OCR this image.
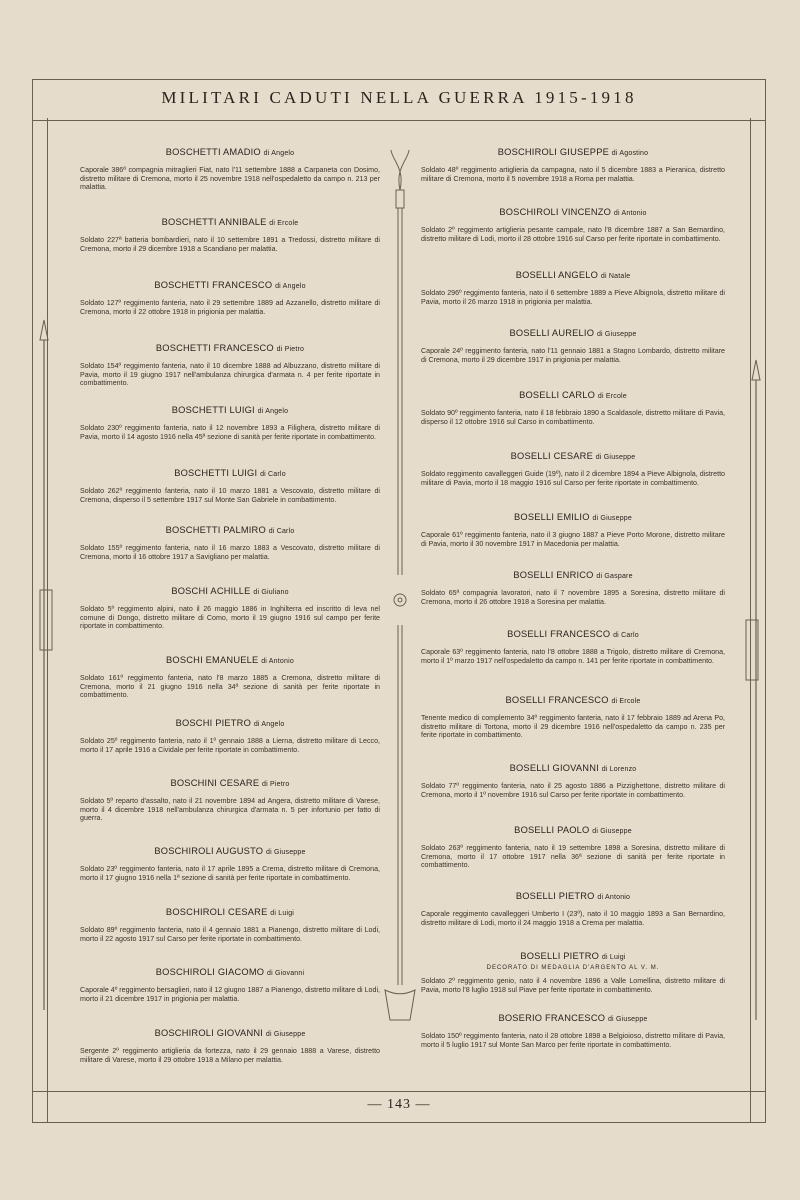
MILITARI CADUTI NELLA GUERRA 1915-1918
— 143 —
BOSCHETTI AMADIO di Angelo
Caporale 386ª compagnia mitraglieri Fiat, nato l'11 settembre 1888 a Carpaneta con Dosimo, distretto militare di Cremona, morto il 25 novembre 1918 nell'ospedaletto da campo n. 213 per malattia.
BOSCHETTI ANNIBALE di Ercole
Soldato 227ª batteria bombardieri, nato il 10 settembre 1891 a Tredossi, distretto militare di Cremona, morto il 29 dicembre 1918 a Scandiano per malattia.
BOSCHETTI FRANCESCO di Angelo
Soldato 127º reggimento fanteria, nato il 29 settembre 1889 ad Azzanello, distretto militare di Cremona, morto il 22 ottobre 1918 in prigionia per malattia.
BOSCHETTI FRANCESCO di Pietro
Soldato 154º reggimento fanteria, nato il 10 dicembre 1888 ad Albuzzano, distretto militare di Pavia, morto il 19 giugno 1917 nell'ambulanza chirurgica d'armata n. 4 per ferite riportate in combattimento.
BOSCHETTI LUIGI di Angelo
Soldato 230º reggimento fanteria, nato il 12 novembre 1893 a Filighera, distretto militare di Pavia, morto il 14 agosto 1916 nella 45ª sezione di sanità per ferite riportate in combattimento.
BOSCHETTI LUIGI di Carlo
Soldato 262º reggimento fanteria, nato il 10 marzo 1881 a Vescovato, distretto militare di Cremona, disperso il 5 settembre 1917 sul Monte San Gabriele in combattimento.
BOSCHETTI PALMIRO di Carlo
Soldato 155º reggimento fanteria, nato il 16 marzo 1883 a Vescovato, distretto militare di Cremona, morto il 16 ottobre 1917 a Savigliano per malattia.
BOSCHI ACHILLE di Giuliano
Soldato 5º reggimento alpini, nato il 26 maggio 1886 in Inghilterra ed inscritto di leva nel comune di Dongo, distretto militare di Como, morto il 19 giugno 1916 sul campo per ferite riportate in combattimento.
BOSCHI EMANUELE di Antonio
Soldato 161º reggimento fanteria, nato l'8 marzo 1885 a Cremona, distretto militare di Cremona, morto il 21 giugno 1916 nella 34ª sezione di sanità per ferite riportate in combattimento.
BOSCHI PIETRO di Angelo
Soldato 25º reggimento fanteria, nato il 1º gennaio 1888 a Lierna, distretto militare di Lecco, morto il 17 aprile 1916 a Cividale per ferite riportate in combattimento.
BOSCHINI CESARE di Pietro
Soldato 5º reparto d'assalto, nato il 21 novembre 1894 ad Angera, distretto militare di Varese, morto il 4 dicembre 1918 nell'ambulanza chirurgica d'armata n. 5 per infortunio per fatto di guerra.
BOSCHIROLI AUGUSTO di Giuseppe
Soldato 23º reggimento fanteria, nato il 17 aprile 1895 a Crema, distretto militare di Cremona, morto il 17 giugno 1916 nella 1ª sezione di sanità per ferite riportate in combattimento.
BOSCHIROLI CESARE di Luigi
Soldato 89º reggimento fanteria, nato il 4 gennaio 1881 a Pianengo, distretto militare di Lodi, morto il 22 agosto 1917 sul Carso per ferite riportate in combattimento.
BOSCHIROLI GIACOMO di Giovanni
Caporale 4º reggimento bersaglieri, nato il 12 giugno 1887 a Pianengo, distretto militare di Lodi, morto il 21 dicembre 1917 in prigionia per malattia.
BOSCHIROLI GIOVANNI di Giuseppe
Sergente 2º reggimento artiglieria da fortezza, nato il 29 gennaio 1888 a Varese, distretto militare di Varese, morto il 29 ottobre 1918 a Milano per malattia.
BOSCHIROLI GIUSEPPE di Agostino
Soldato 48º reggimento artiglieria da campagna, nato il 5 dicembre 1883 a Pieranica, distretto militare di Cremona, morto il 5 novembre 1918 a Roma per malattia.
BOSCHIROLI VINCENZO di Antonio
Soldato 2º reggimento artiglieria pesante campale, nato l'8 dicembre 1887 a San Bernardino, distretto militare di Lodi, morto il 28 ottobre 1916 sul Carso per ferite riportate in combattimento.
BOSELLI ANGELO di Natale
Soldato 296º reggimento fanteria, nato il 6 settembre 1889 a Pieve Albignola, distretto militare di Pavia, morto il 26 marzo 1918 in prigionia per malattia.
BOSELLI AURELIO di Giuseppe
Caporale 24º reggimento fanteria, nato l'11 gennaio 1881 a Stagno Lombardo, distretto militare di Cremona, morto il 29 dicembre 1917 in prigionia per malattia.
BOSELLI CARLO di Ercole
Soldato 90º reggimento fanteria, nato il 18 febbraio 1890 a Scaldasole, distretto militare di Pavia, disperso il 12 ottobre 1916 sul Carso in combattimento.
BOSELLI CESARE di Giuseppe
Soldato reggimento cavalleggeri Guide (19º), nato il 2 dicembre 1894 a Pieve Albignola, distretto militare di Pavia, morto il 18 maggio 1916 sul Carso per ferite riportate in combattimento.
BOSELLI EMILIO di Giuseppe
Caporale 61º reggimento fanteria, nato il 3 giugno 1887 a Pieve Porto Morone, distretto militare di Pavia, morto il 30 novembre 1917 in Macedonia per malattia.
BOSELLI ENRICO di Gaspare
Soldato 65ª compagnia lavoratori, nato il 7 novembre 1895 a Soresina, distretto militare di Cremona, morto il 26 ottobre 1918 a Soresina per malattia.
BOSELLI FRANCESCO di Carlo
Caporale 63º reggimento fanteria, nato l'8 ottobre 1888 a Trigolo, distretto militare di Cremona, morto il 1º marzo 1917 nell'ospedaletto da campo n. 141 per ferite riportate in combattimento.
BOSELLI FRANCESCO di Ercole
Tenente medico di complemento 34º reggimento fanteria, nato il 17 febbraio 1889 ad Arena Po, distretto militare di Tortona, morto il 29 dicembre 1916 nell'ospedaletto da campo n. 235 per ferite riportate in combattimento.
BOSELLI GIOVANNI di Lorenzo
Soldato 77º reggimento fanteria, nato il 25 agosto 1886 a Pizzighettone, distretto militare di Cremona, morto il 1º novembre 1916 sul Carso per ferite riportate in combattimento.
BOSELLI PAOLO di Giuseppe
Soldato 263º reggimento fanteria, nato il 19 settembre 1898 a Soresina, distretto militare di Cremona, morto il 17 ottobre 1917 nella 36ª sezione di sanità per ferite riportate in combattimento.
BOSELLI PIETRO di Antonio
Caporale reggimento cavalleggeri Umberto I (23º), nato il 10 maggio 1893 a San Bernardino, distretto militare di Lodi, morto il 24 maggio 1918 a Crema per malattia.
BOSELLI PIETRO di Luigi
DECORATO DI MEDAGLIA D'ARGENTO AL V. M.
Soldato 2º reggimento genio, nato il 4 novembre 1896 a Valle Lomellina, distretto militare di Pavia, morto l'8 luglio 1918 sul Piave per ferite riportate in combattimento.
BOSERIO FRANCESCO di Giuseppe
Soldato 150º reggimento fanteria, nato il 28 ottobre 1898 a Belgioioso, distretto militare di Pavia, morto il 5 luglio 1917 sul Monte San Marco per ferite riportate in combattimento.
